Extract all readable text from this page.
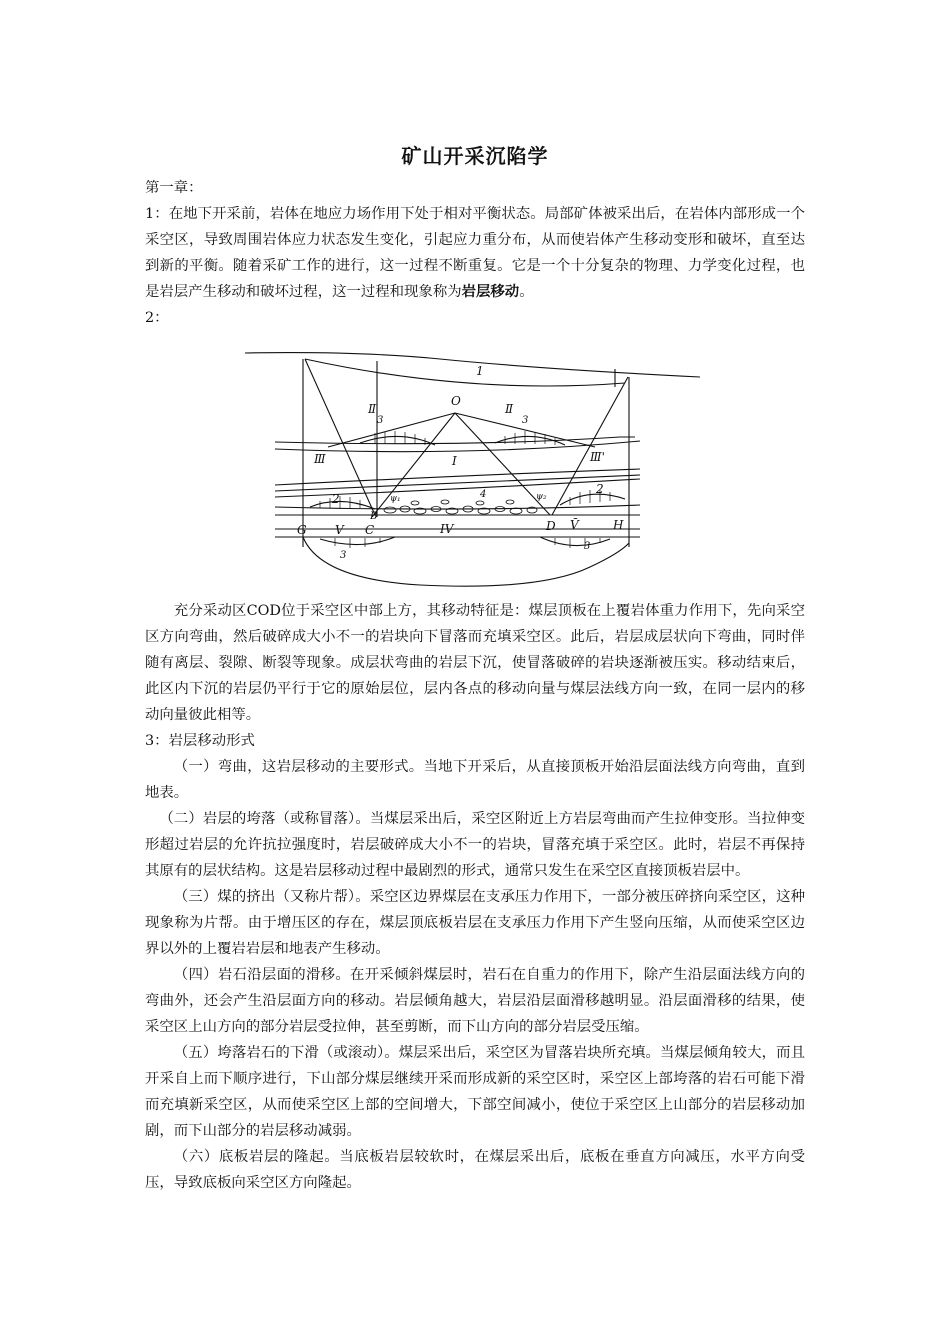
矿山开采沉陷学

第一章：

1：在地下开采前，岩体在地应力场作用下处于相对平衡状态。局部矿体被采出后，在岩体内部形成一个采空区，导致周围岩体应力状态发生变化，引起应力重分布，从而使岩体产生移动变形和破坏，直至达到新的平衡。随着采矿工作的进行，这一过程不断重复。它是一个十分复杂的物理、力学变化过程，也是岩层产生移动和破坏过程，这一过程和现象称为岩层移动。

2：

1
O
Ⅱ	Ⅱ
3	3
Ⅲ	Ⅰ	Ⅲ'
2
2
4
ψ₁	ψ₂
B
G V C	IV	D V̄	H
3
3

充分采动区COD位于采空区中部上方，其移动特征是：煤层顶板在上覆岩体重力作用下，先向采空区方向弯曲，然后破碎成大小不一的岩块向下冒落而充填采空区。此后，岩层成层状向下弯曲，同时伴随有离层、裂隙、断裂等现象。成层状弯曲的岩层下沉，使冒落破碎的岩块逐渐被压实。移动结束后，此区内下沉的岩层仍平行于它的原始层位，层内各点的移动向量与煤层法线方向一致，在同一层内的移动向量彼此相等。

3：岩层移动形式

（一）弯曲，这岩层移动的主要形式。当地下开采后，从直接顶板开始沿层面法线方向弯曲，直到地表。

（二）岩层的垮落（或称冒落）。当煤层采出后，采空区附近上方岩层弯曲而产生拉伸变形。当拉伸变形超过岩层的允许抗拉强度时，岩层破碎成大小不一的岩块，冒落充填于采空区。此时，岩层不再保持其原有的层状结构。这是岩层移动过程中最剧烈的形式，通常只发生在采空区直接顶板岩层中。

（三）煤的挤出（又称片帮）。采空区边界煤层在支承压力作用下，一部分被压碎挤向采空区，这种现象称为片帮。由于增压区的存在，煤层顶底板岩层在支承压力作用下产生竖向压缩，从而使采空区边界以外的上覆岩岩层和地表产生移动。

（四）岩石沿层面的滑移。在开采倾斜煤层时，岩石在自重力的作用下，除产生沿层面法线方向的弯曲外，还会产生沿层面方向的移动。岩层倾角越大，岩层沿层面滑移越明显。沿层面滑移的结果，使采空区上山方向的部分岩层受拉伸，甚至剪断，而下山方向的部分岩层受压缩。

（五）垮落岩石的下滑（或滚动）。煤层采出后，采空区为冒落岩块所充填。当煤层倾角较大，而且开采自上而下顺序进行，下山部分煤层继续开采而形成新的采空区时，采空区上部垮落的岩石可能下滑而充填新采空区，从而使采空区上部的空间增大，下部空间减小，使位于采空区上山部分的岩层移动加剧，而下山部分的岩层移动减弱。

（六）底板岩层的隆起。当底板岩层较软时，在煤层采出后，底板在垂直方向减压，水平方向受压，导致底板向采空区方向隆起。
